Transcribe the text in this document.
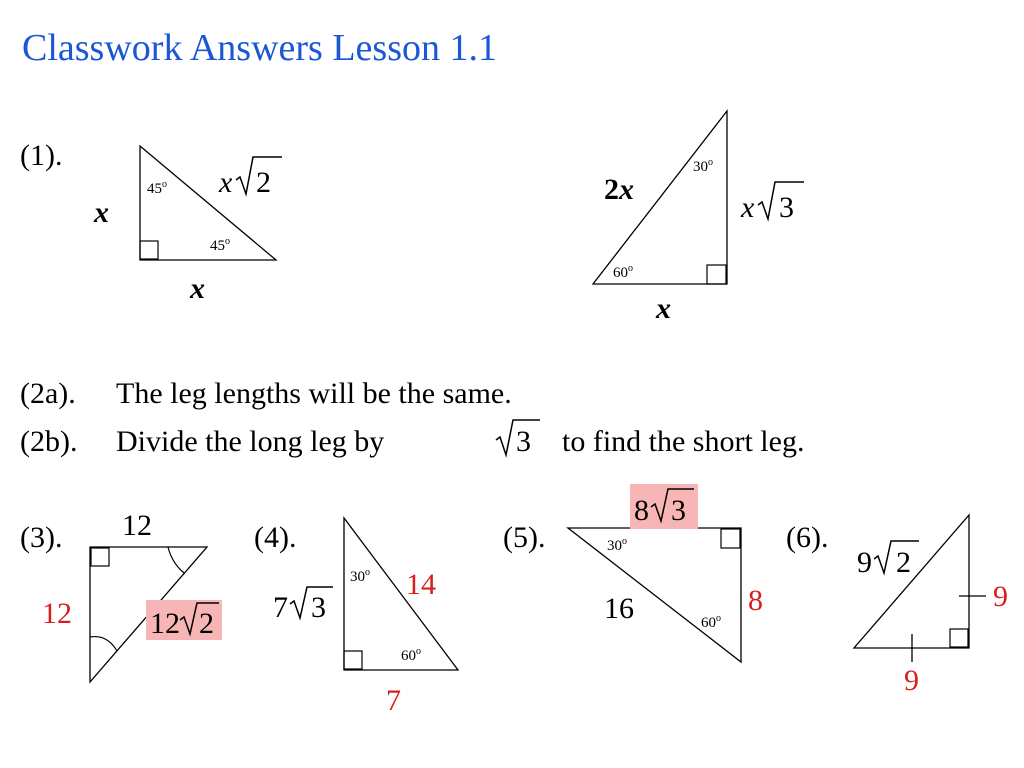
Classwork Answers Lesson 1.1
(1).
45$^o$
45$^o$
x
x
x 2	30$^o$
60$^o$
2x
x 3
x
(2a). The leg lengths will be the same.
(2b). Divide the long leg by	3 to find the short leg.
(3). 12
12	12 2
(4).
30$^o$
60$^o$
7 3
14
7
(5).	30$^o$
60$^o$
8 3
16	8
(6).
9 2
9
9
